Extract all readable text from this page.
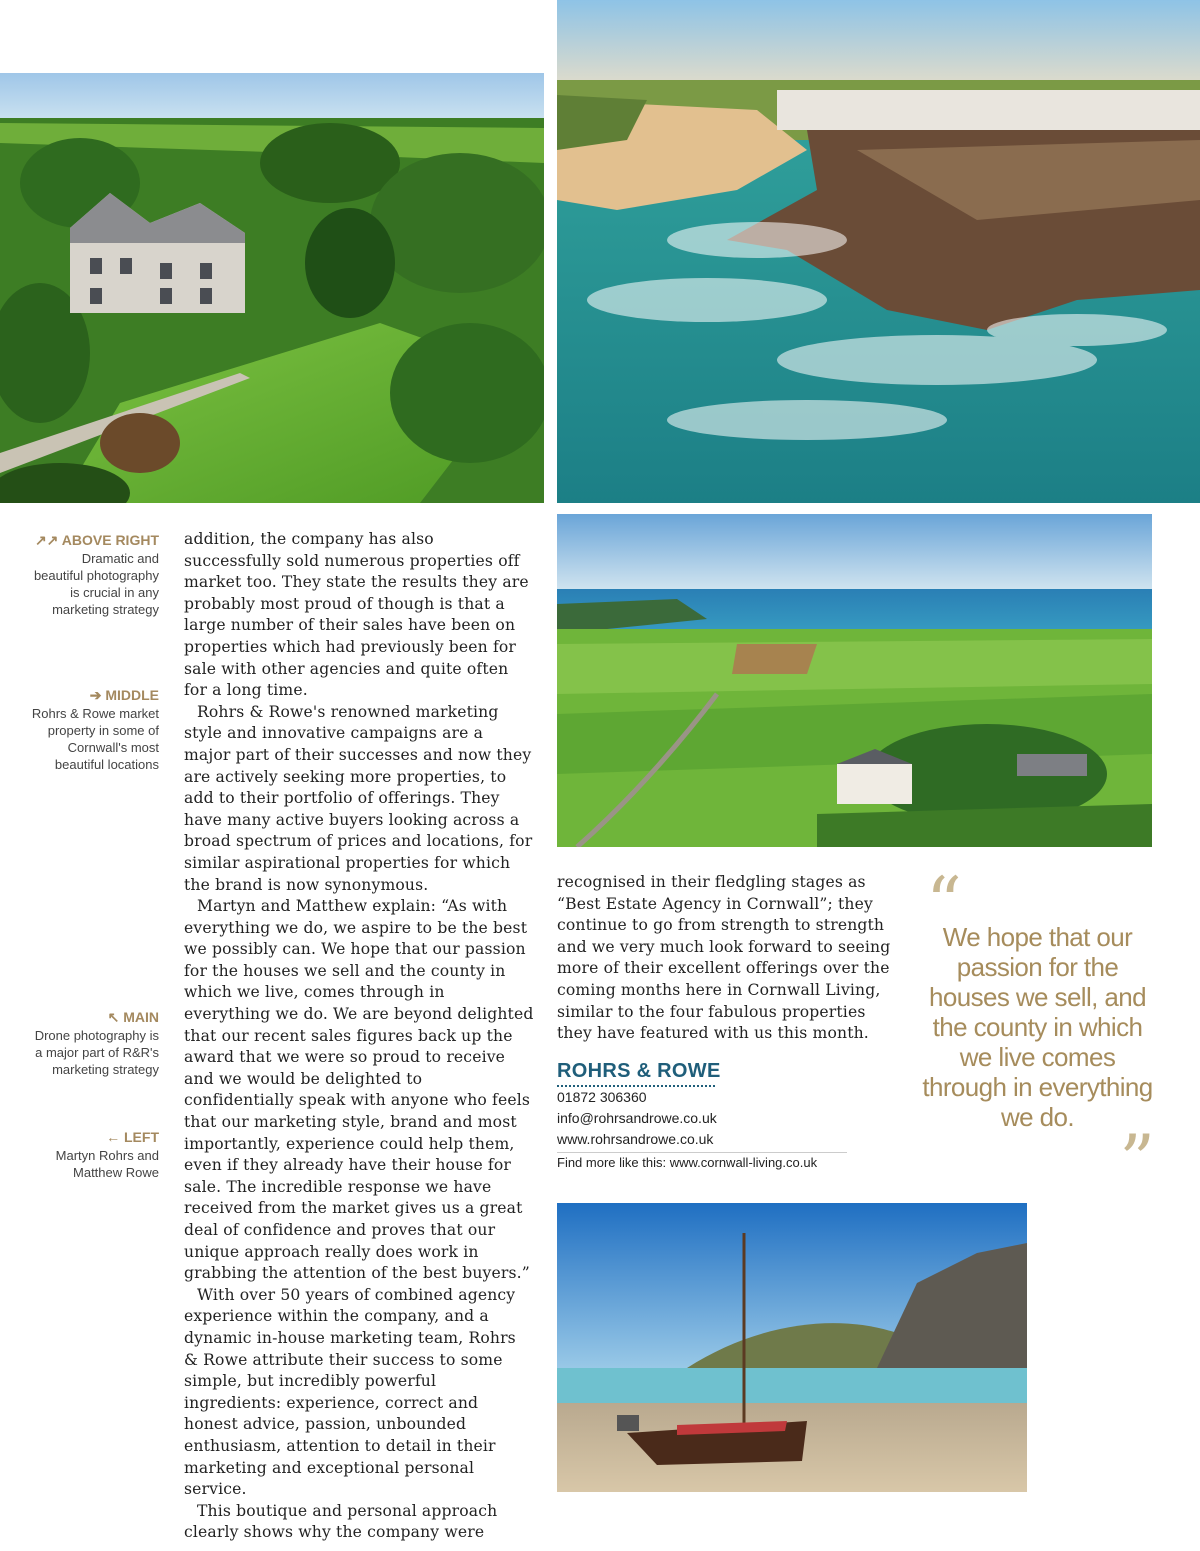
↗↗ ABOVE RIGHT
Dramatic and beautiful photography is crucial in any marketing strategy
➔ MIDDLE
Rohrs & Rowe market property in some of Cornwall's most beautiful locations
↖ MAIN
Drone photography is a major part of R&R's marketing strategy
← LEFT
Martyn Rohrs and Matthew Rowe

addition, the company has also successfully sold numerous properties off market too. They state the results they are probably most proud of though is that a large number of their sales have been on properties which had previously been for sale with other agencies and quite often for a long time.

Rohrs & Rowe's renowned marketing style and innovative campaigns are a major part of their successes and now they are actively seeking more properties, to add to their portfolio of offerings. They have many active buyers looking across a broad spectrum of prices and locations, for similar aspirational properties for which the brand is now synonymous.

Martyn and Matthew explain: “As with everything we do, we aspire to be the best we possibly can. We hope that our passion for the houses we sell and the county in which we live, comes through in everything we do. We are beyond delighted that our recent sales figures back up the award that we were so proud to receive and we would be delighted to confidentially speak with anyone who feels that our marketing style, brand and most importantly, experience could help them, even if they already have their house for sale. The incredible response we have received from the market gives us a great deal of confidence and proves that our unique approach really does work in grabbing the attention of the best buyers.”

With over 50 years of combined agency experience within the company, and a dynamic in-house marketing team, Rohrs & Rowe attribute their success to some simple, but incredibly powerful ingredients: experience, correct and honest advice, passion, unbounded enthusiasm, attention to detail in their marketing and exceptional personal service.

This boutique and personal approach clearly shows why the company were

recognised in their fledgling stages as “Best Estate Agency in Cornwall”; they continue to go from strength to strength and we very much look forward to seeing more of their excellent offerings over the coming months here in Cornwall Living, similar to the four fabulous properties they have featured with us this month.

ROHRS & ROWE
01872 306360
info@rohrsandrowe.co.uk
www.rohrsandrowe.co.uk
Find more like this: www.cornwall-living.co.uk
“
We hope that our passion for the houses we sell, and the county in which we live comes through in everything we do.
”
